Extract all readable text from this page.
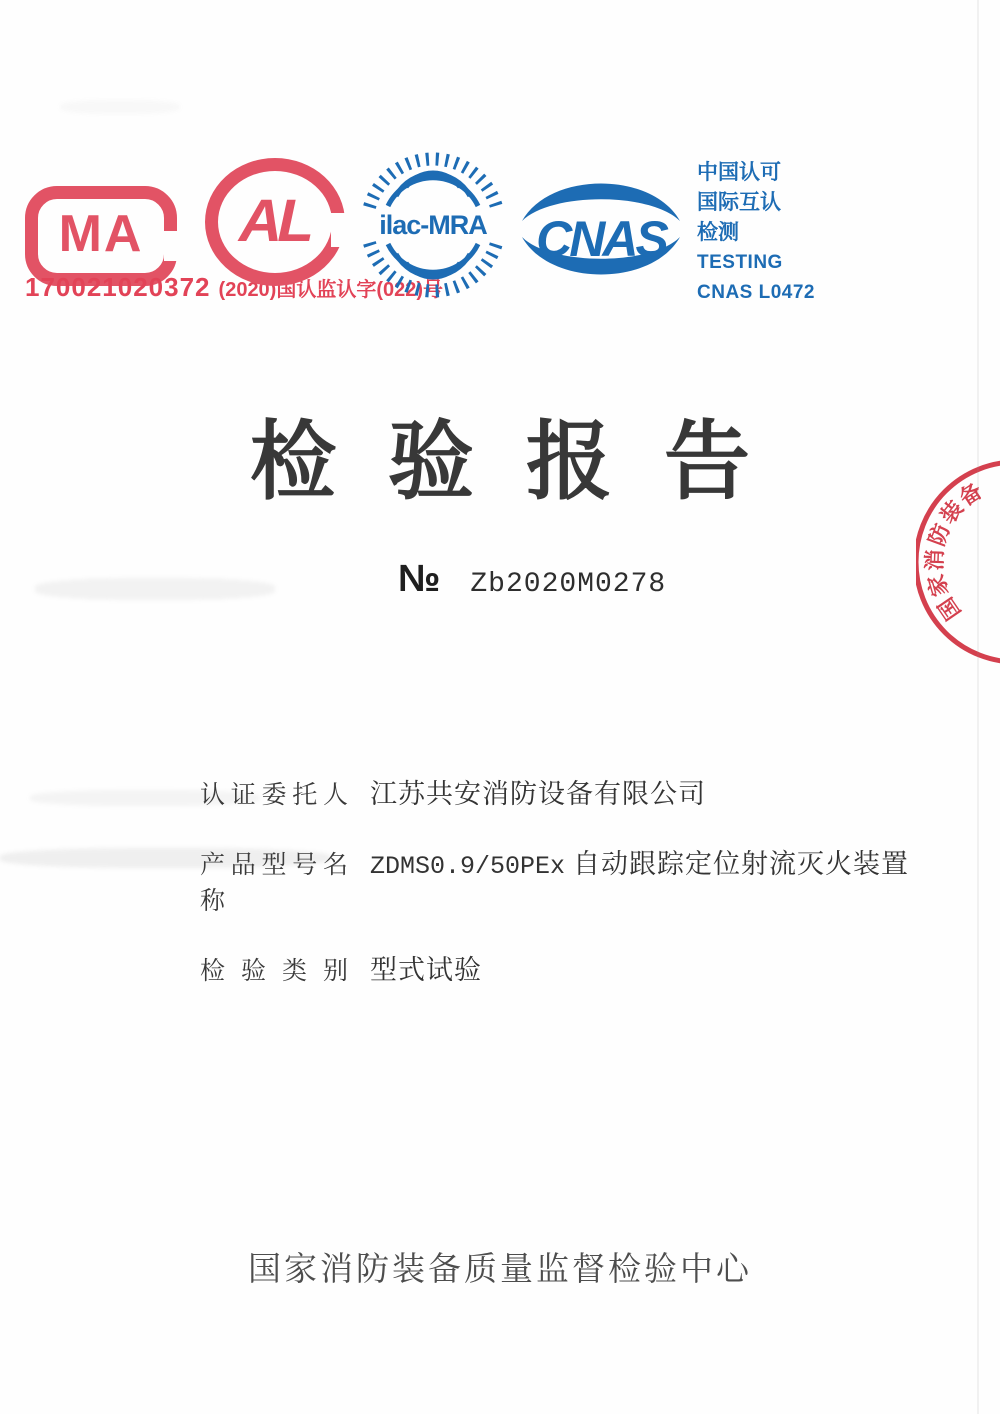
MA
170021020372 (2020)国认监认字(022)号
AL	ilac-MRA CNAS
中国认可
国际互认
检测
TESTING
CNAS L0472
检验报告
№ Zb2020M0278
国家消防装备
认证委托人 江苏共安消防设备有限公司
产品型号名称
ZDMS0.9/50PEx 自动跟踪定位射流灭火装置
检验类别 型式试验
国家消防装备质量监督检验中心
